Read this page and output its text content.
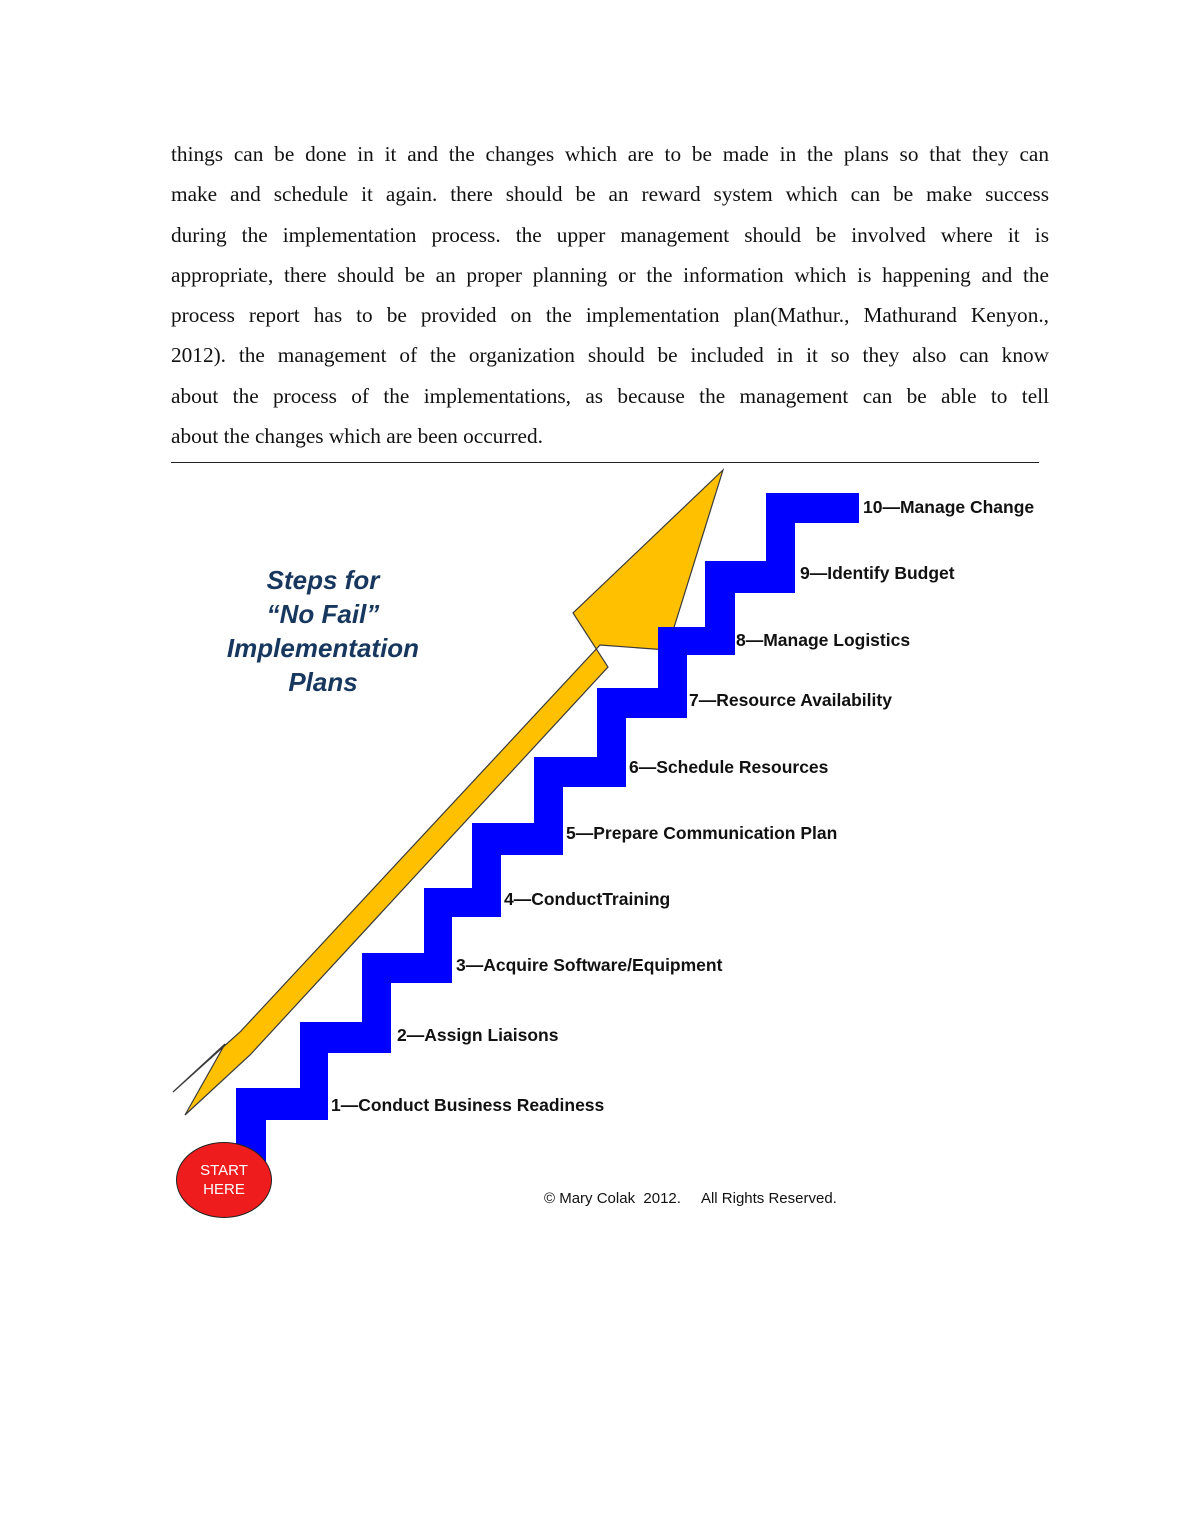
things can be done in it and the changes which are to be made in the plans so that they can
make and schedule it again. there should be an reward system which can be make success
during the implementation process. the upper management should be involved where it is
appropriate, there should be an proper planning or the information which is happening and the
process report has to be provided on the implementation plan(Mathur., Mathurand Kenyon.,
2012). the management of the organization should be included in it so they also can know
about the process of the implementations, as because the management can be able to tell
about the changes which are been occurred.
Steps for
“No Fail”
Implementation
Plans
1—Conduct Business Readiness
2—Assign Liaisons
3—Acquire Software/Equipment
4—ConductTraining
5—Prepare Communication Plan
6—Schedule Resources
7—Resource Availability
8—Manage Logistics
9—Identify Budget
10—Manage Change
START
HERE
© Mary Colak  2012.     All Rights Reserved.
